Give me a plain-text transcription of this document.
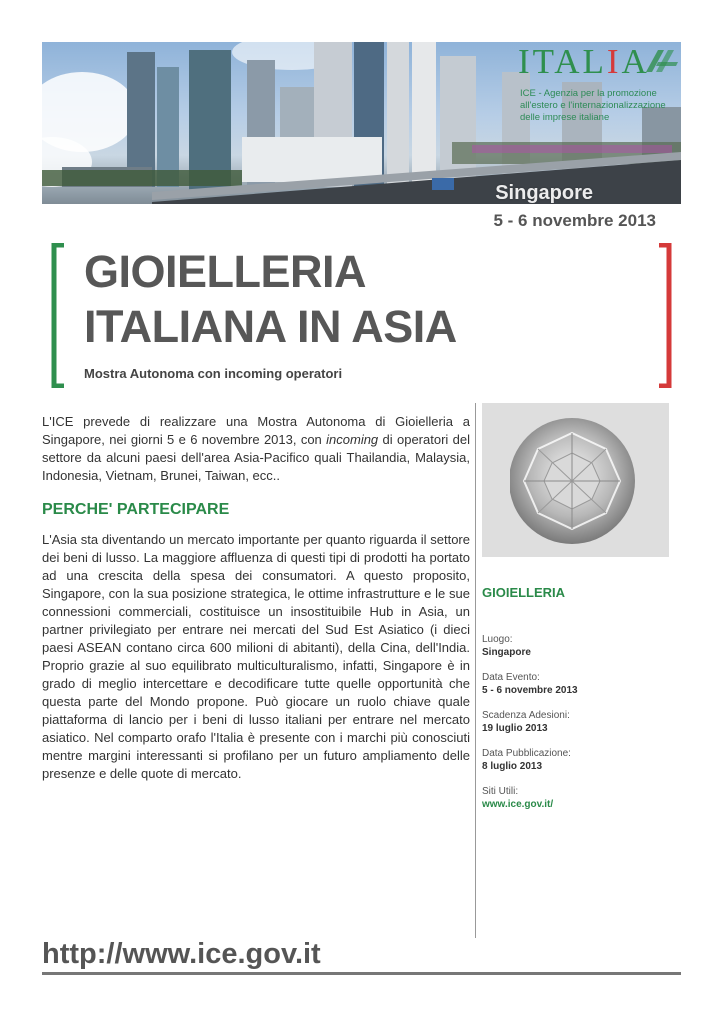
ITALIA
ICE - Agenzia per la promozione all'estero e l'internazionalizzazione delle imprese italiane
Singapore
5 - 6 novembre 2013
GIOIELLERIA
ITALIANA IN ASIA
Mostra Autonoma con incoming operatori

L'ICE prevede di realizzare una Mostra Autonoma di Gioielleria a Singapore, nei giorni 5 e 6 novembre 2013, con incoming di operatori del settore da alcuni paesi dell'area Asia-Pacifico quali Thailandia, Malaysia, Indonesia, Vietnam, Brunei, Taiwan, ecc..

PERCHE' PARTECIPARE

L'Asia sta diventando un mercato importante per quanto riguarda il settore dei beni di lusso. La maggiore affluenza di questi tipi di prodotti ha portato ad una crescita della spesa dei consumatori. A questo proposito, Singapore, con la sua posizione strategica, le ottime infrastrutture e le sue connessioni commerciali, costituisce un insostituibile Hub in Asia, un partner privilegiato per entrare nei mercati del Sud Est Asiatico (i dieci paesi ASEAN contano circa 600 milioni di abitanti), della Cina, dell'India. Proprio grazie al suo equilibrato multiculturalismo, infatti, Singapore è in grado di meglio intercettare e decodificare tutte quelle opportunità che questa parte del Mondo propone. Può giocare un ruolo chiave quale piattaforma di lancio per i beni di lusso italiani per entrare nel mercato asiatico. Nel comparto orafo l'Italia è presente con i marchi più conosciuti mentre margini interessanti si profilano per un futuro ampliamento delle presenze e delle quote di mercato.

GIOIELLERIA
Luogo:
Singapore
Data Evento:
5 - 6 novembre 2013
Scadenza Adesioni:
19 luglio 2013
Data Pubblicazione:
8 luglio 2013
Siti Utili:
www.ice.gov.it/
http://www.ice.gov.it
